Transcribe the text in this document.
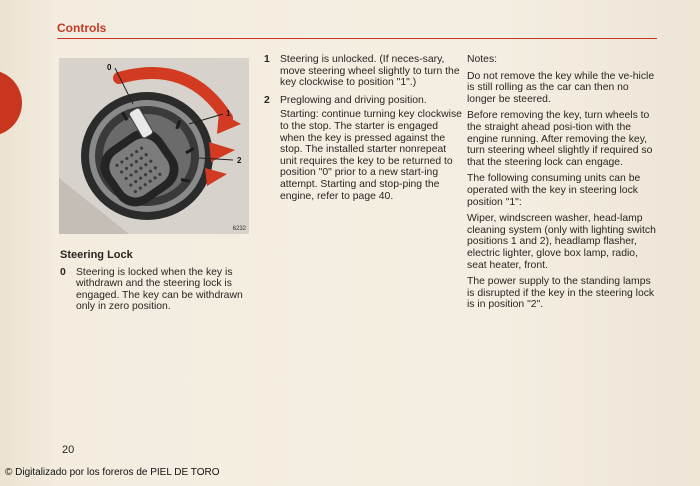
Controls
0
1
2
6232

Steering Lock

0 Steering is locked when the key is withdrawn and the steering lock is engaged. The key can be withdrawn only in zero position.
1 Steering is unlocked. (If neces-sary, move steering wheel slightly to turn the key clockwise to position "1".)
2 Preglowing and driving position.

Starting: continue turning key clockwise to the stop. The starter is engaged when the key is pressed against the stop. The installed starter nonrepeat unit requires the key to be returned to position "0" prior to a new start-ing attempt. Starting and stop-ping the engine, refer to page 40.

Notes:

Do not remove the key while the ve-hicle is still rolling as the car can then no longer be steered.

Before removing the key, turn wheels to the straight ahead posi-tion with the engine running. After removing the key, turn steering wheel slightly if required so that the steering lock can engage.

The following consuming units can be operated with the key in steering lock position "1":

Wiper, windscreen washer, head-lamp cleaning system (only with lighting switch positions 1 and 2), headlamp flasher, electric lighter, glove box lamp, radio, seat heater, front.

The power supply to the standing lamps is disrupted if the key in the steering lock is in position "2".

20
© Digitalizado por los foreros de PIEL DE TORO
